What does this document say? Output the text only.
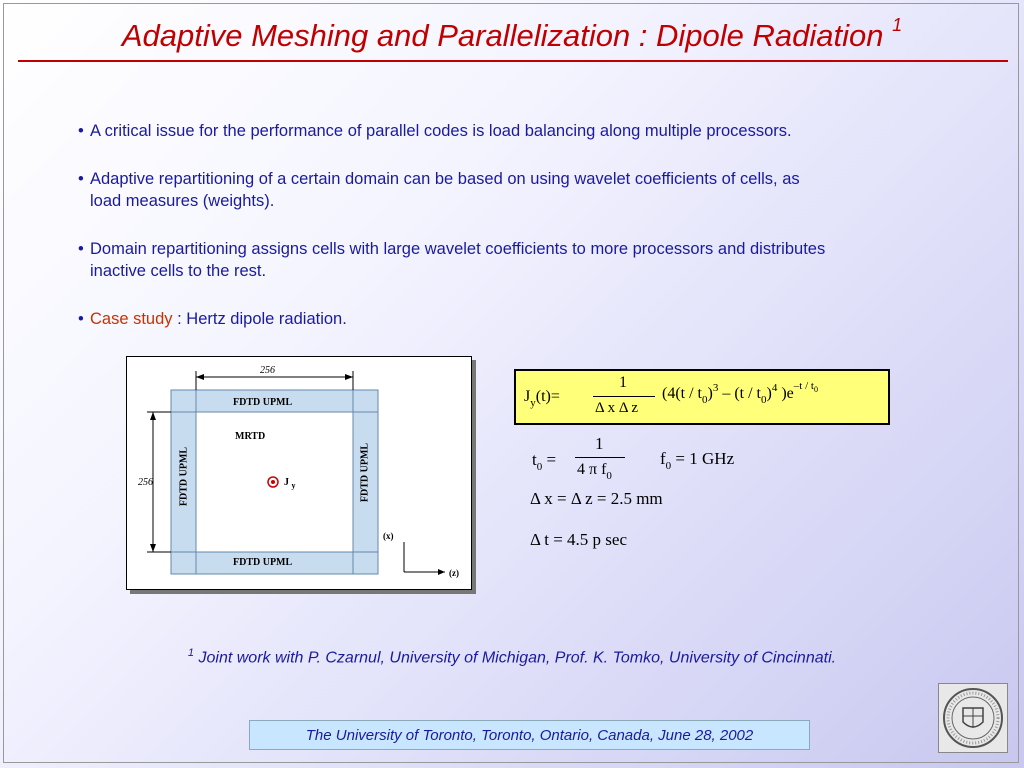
Adaptive Meshing and Parallelization : Dipole Radiation $^1$
• A critical issue for the performance of parallel codes is load balancing along multiple processors.
• Adaptive repartitioning of a certain domain can be based on using wavelet coefficients of cells, as
load measures (weights).
• Domain repartitioning assigns cells with large wavelet coefficients to more processors and distributes
inactive cells to the rest.
• Case study : Hertz dipole radiation.
256
256
FDTD UPML
FDTD UPML
FDTD UPML	FDTD UPML
MRTD
J $_y$
(x)
(z)
$J_y(t)=$
1
Δ x Δ z
($4(t / t_0)^3 - (t / t_0)^4$ )$e^{-t / t0}$
$t_0$ =
1
4 π $f_0$
$f_0 = 1$ GHz
Δ x = Δ z = 2.5 mm
Δ t = 4.5 p sec
$^1$ Joint work with P. Czarnul, University of Michigan, Prof. K. Tomko, University of Cincinnati.
The University of Toronto, Toronto, Ontario, Canada, June 28, 2002
